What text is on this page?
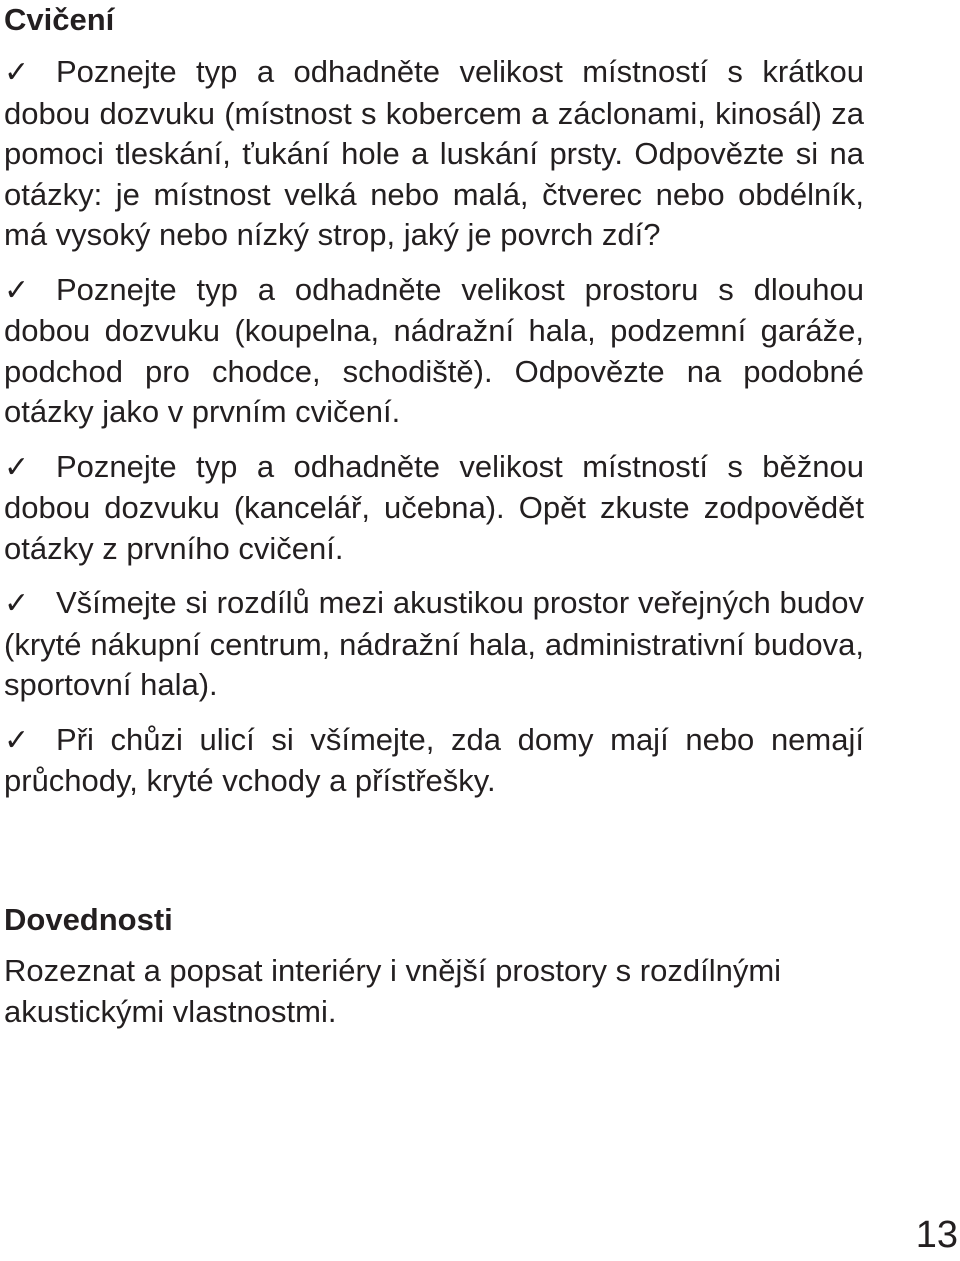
Cvičení
✓ Poznejte typ a odhadněte velikost místností s krátkou dobou dozvuku (místnost s kobercem a záclonami, kinosál) za pomoci tleskání, ťukání hole a luskání prsty. Odpovězte si na otázky: je místnost velká nebo malá, čtverec nebo obdélník, má vysoký nebo nízký strop, jaký je povrch zdí?
✓ Poznejte typ a odhadněte velikost prostoru s dlouhou dobou dozvuku (koupelna, nádražní hala, podzemní garáže, podchod pro chodce, schodiště). Odpovězte na podobné otázky jako v prvním cvičení.
✓ Poznejte typ a odhadněte velikost místností s běžnou dobou dozvuku (kancelář, učebna). Opět zkuste zodpovědět otázky z prvního cvičení.
✓ Všímejte si rozdílů mezi akustikou prostor veřejných budov (kryté nákupní centrum, nádražní hala, administrativní budova, sportovní hala).
✓ Při chůzi ulicí si všímejte, zda domy mají nebo nemají průchody, kryté vchody a přístřešky.
Dovednosti

Rozeznat a popsat interiéry i vnější prostory s rozdílnými akustickými vlastnostmi.

13
